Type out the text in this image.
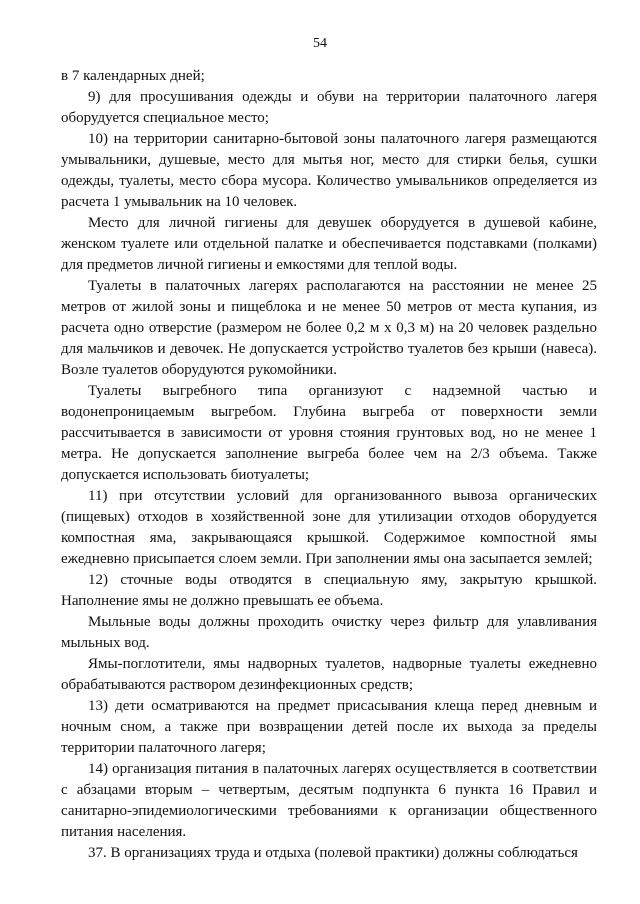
54

в 7 календарных дней;

9) для просушивания одежды и обуви на территории палаточного лагеря оборудуется специальное место;

10) на территории санитарно-бытовой зоны палаточного лагеря размещаются умывальники, душевые, место для мытья ног, место для стирки белья, сушки одежды, туалеты, место сбора мусора. Количество умывальников определяется из расчета 1 умывальник на 10 человек.

Место для личной гигиены для девушек оборудуется в душевой кабине, женском туалете или отдельной палатке и обеспечивается подставками (полками) для предметов личной гигиены и емкостями для теплой воды.

Туалеты в палаточных лагерях располагаются на расстоянии не менее 25 метров от жилой зоны и пищеблока и не менее 50 метров от места купания, из расчета одно отверстие (размером не более 0,2 м x 0,3 м) на 20 человек раздельно для мальчиков и девочек. Не допускается устройство туалетов без крыши (навеса). Возле туалетов оборудуются рукомойники.

Туалеты выгребного типа организуют с надземной частью и водонепроницаемым выгребом. Глубина выгреба от поверхности земли рассчитывается в зависимости от уровня стояния грунтовых вод, но не менее 1 метра. Не допускается заполнение выгреба более чем на 2/3 объема. Также допускается использовать биотуалеты;

11) при отсутствии условий для организованного вывоза органических (пищевых) отходов в хозяйственной зоне для утилизации отходов оборудуется компостная яма, закрывающаяся крышкой. Содержимое компостной ямы ежедневно присыпается слоем земли. При заполнении ямы она засыпается землей;

12) сточные воды отводятся в специальную яму, закрытую крышкой. Наполнение ямы не должно превышать ее объема.

Мыльные воды должны проходить очистку через фильтр для улавливания мыльных вод.

Ямы-поглотители, ямы надворных туалетов, надворные туалеты ежедневно обрабатываются раствором дезинфекционных средств;

13) дети осматриваются на предмет присасывания клеща перед дневным и ночным сном, а также при возвращении детей после их выхода за пределы территории палаточного лагеря;

14) организация питания в палаточных лагерях осуществляется в соответствии с абзацами вторым – четвертым, десятым подпункта 6 пункта 16 Правил и санитарно-эпидемиологическими требованиями к организации общественного питания населения.

37. В организациях труда и отдыха (полевой практики) должны соблюдаться
